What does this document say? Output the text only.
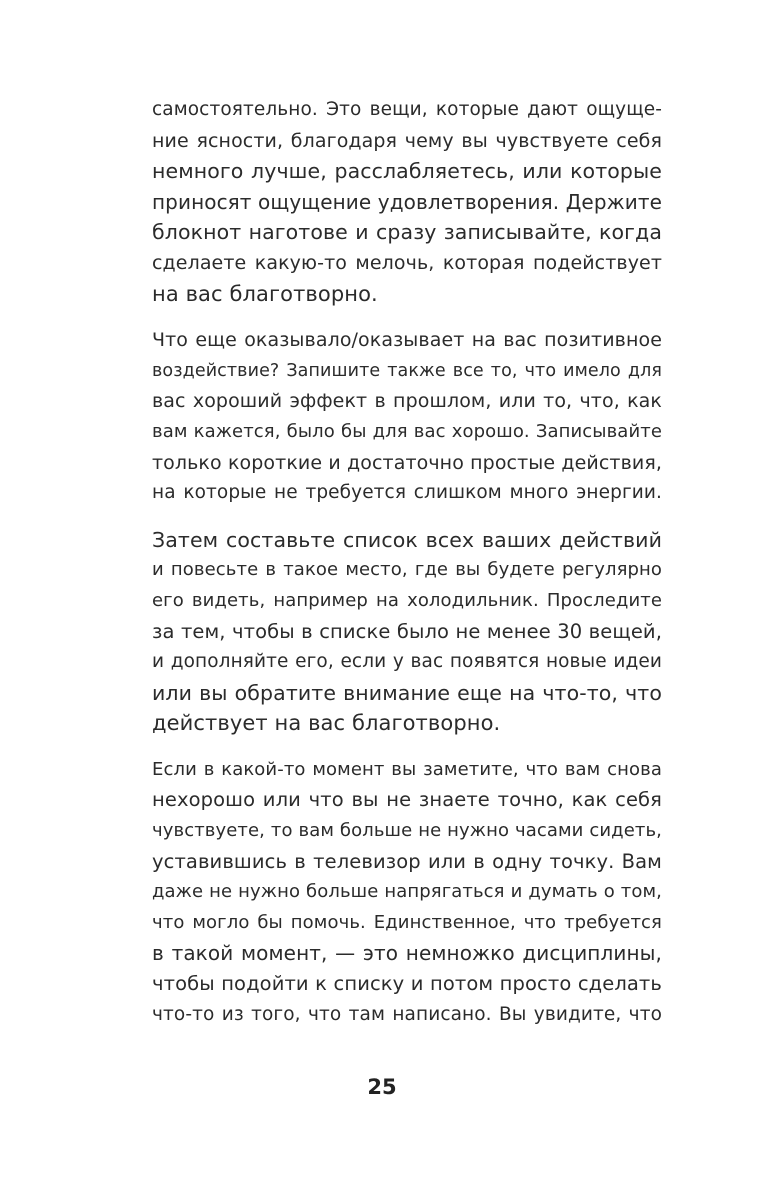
самостоятельно. Это вещи, которые дают ощуще-
ние ясности, благодаря чему вы чувствуете себя
немного лучше, расслабляетесь, или которые
приносят ощущение удовлетворения. Держите
блокнот наготове и сразу записывайте, когда
сделаете какую-то мелочь, которая подействует
на вас благотворно.

Что еще оказывало/оказывает на вас позитивное
воздействие? Запишите также все то, что имело для
вас хороший эффект в прошлом, или то, что, как
вам кажется, было бы для вас хорошо. Записывайте
только короткие и достаточно простые действия,
на которые не требуется слишком много энергии.

Затем составьте список всех ваших действий
и повесьте в такое место, где вы будете регулярно
его видеть, например на холодильник. Проследите
за тем, чтобы в списке было не менее 30 вещей,
и дополняйте его, если у вас появятся новые идеи
или вы обратите внимание еще на что-то, что
действует на вас благотворно.

Если в какой-то момент вы заметите, что вам снова
нехорошо или что вы не знаете точно, как себя
чувствуете, то вам больше не нужно часами сидеть,
уставившись в телевизор или в одну точку. Вам
даже не нужно больше напрягаться и думать о том,
что могло бы помочь. Единственное, что требуется
в такой момент, — это немножко дисциплины,
чтобы подойти к списку и потом просто сделать
что-то из того, что там написано. Вы увидите, что

25
